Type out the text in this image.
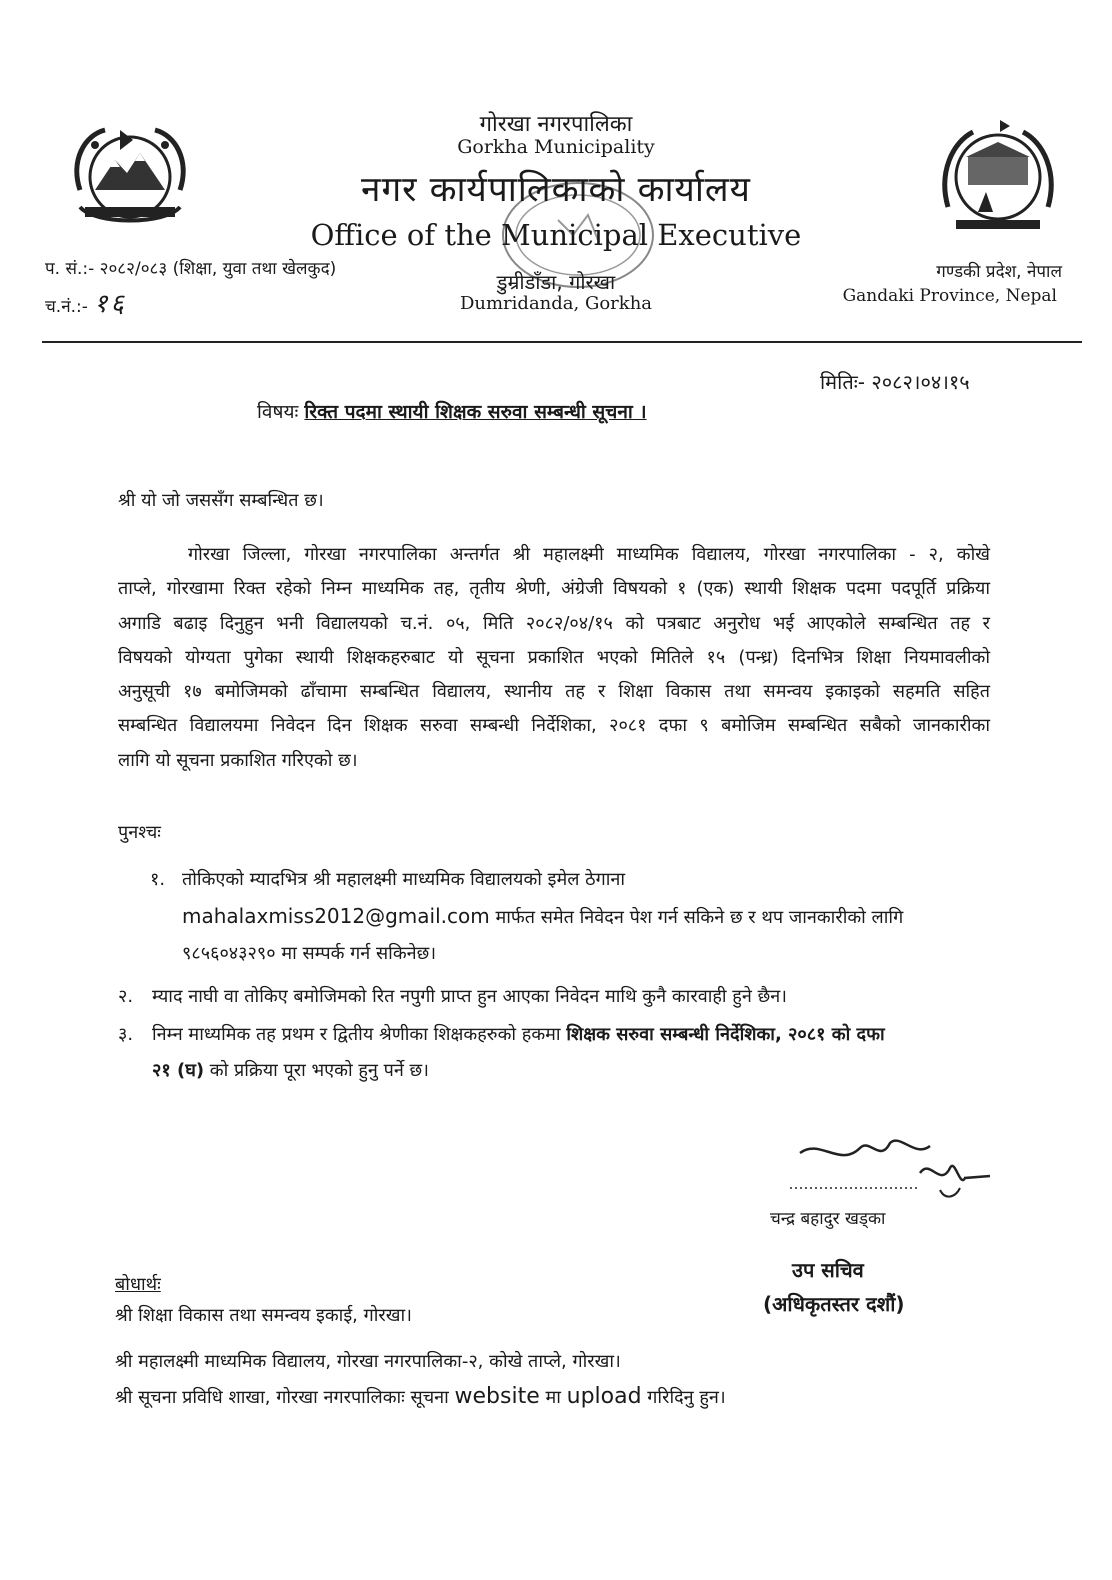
गोरखा नगरपालिका
Gorkha Municipality
नगर कार्यपालिकाको कार्यालय
Office of the Municipal Executive
डुम्रीडाँडा, गोरखा
Dumridanda, Gorkha
प. सं.:- २०८२/०८३ (शिक्षा, युवा तथा खेलकुद)
च.नं.:- १६
गण्डकी प्रदेश, नेपाल
Gandaki Province, Nepal
मितिः- २०८२।०४।१५
विषयः रिक्त पदमा स्थायी शिक्षक सरुवा सम्बन्धी सूचना ।
श्री यो जो जससँग सम्बन्धित छ।
गोरखा जिल्ला, गोरखा नगरपालिका अन्तर्गत श्री महालक्ष्मी माध्यमिक विद्यालय, गोरखा नगरपालिका - २, कोखे
ताप्ले, गोरखामा रिक्त रहेको निम्न माध्यमिक तह, तृतीय श्रेणी, अंग्रेजी विषयको १ (एक) स्थायी शिक्षक पदमा पदपूर्ति प्रक्रिया
अगाडि बढाइ दिनुहुन भनी विद्यालयको च.नं. ०५, मिति २०८२/०४/१५ को पत्रबाट अनुरोध भई आएकोले सम्बन्धित तह र
विषयको योग्यता पुगेका स्थायी शिक्षकहरुबाट यो सूचना प्रकाशित भएको मितिले १५ (पन्ध्र) दिनभित्र शिक्षा नियमावलीको
अनुसूची १७ बमोजिमको ढाँचामा सम्बन्धित विद्यालय, स्थानीय तह र शिक्षा विकास तथा समन्वय इकाइको सहमति सहित
सम्बन्धित विद्यालयमा निवेदन दिन शिक्षक सरुवा सम्बन्धी निर्देशिका, २०८१ दफा ९ बमोजिम सम्बन्धित सबैको जानकारीका
लागि यो सूचना प्रकाशित गरिएको छ।
पुनश्चः
१. तोकिएको म्यादभित्र श्री महालक्ष्मी माध्यमिक विद्यालयको इमेल ठेगाना
mahalaxmiss2012@gmail.com मार्फत समेत निवेदन पेश गर्न सकिने छ र थप जानकारीको लागि
९८५६०४३२९० मा सम्पर्क गर्न सकिनेछ।
२. म्याद नाघी वा तोकिए बमोजिमको रित नपुगी प्राप्त हुन आएका निवेदन माथि कुनै कारवाही हुने छैन।
३. निम्न माध्यमिक तह प्रथम र द्वितीय श्रेणीका शिक्षकहरुको हकमा शिक्षक सरुवा सम्बन्धी निर्देशिका, २०८१ को दफा
२१ (घ) को प्रक्रिया पूरा भएको हुनु पर्ने छ।
चन्द्र बहादुर खड्का
उप सचिव
(अधिकृतस्तर दशौं)
बोधार्थः
श्री शिक्षा विकास तथा समन्वय इकाई, गोरखा।
श्री महालक्ष्मी माध्यमिक विद्यालय, गोरखा नगरपालिका-२, कोखे ताप्ले, गोरखा।
श्री सूचना प्रविधि शाखा, गोरखा नगरपालिकाः सूचना website मा upload गरिदिनु हुन।
